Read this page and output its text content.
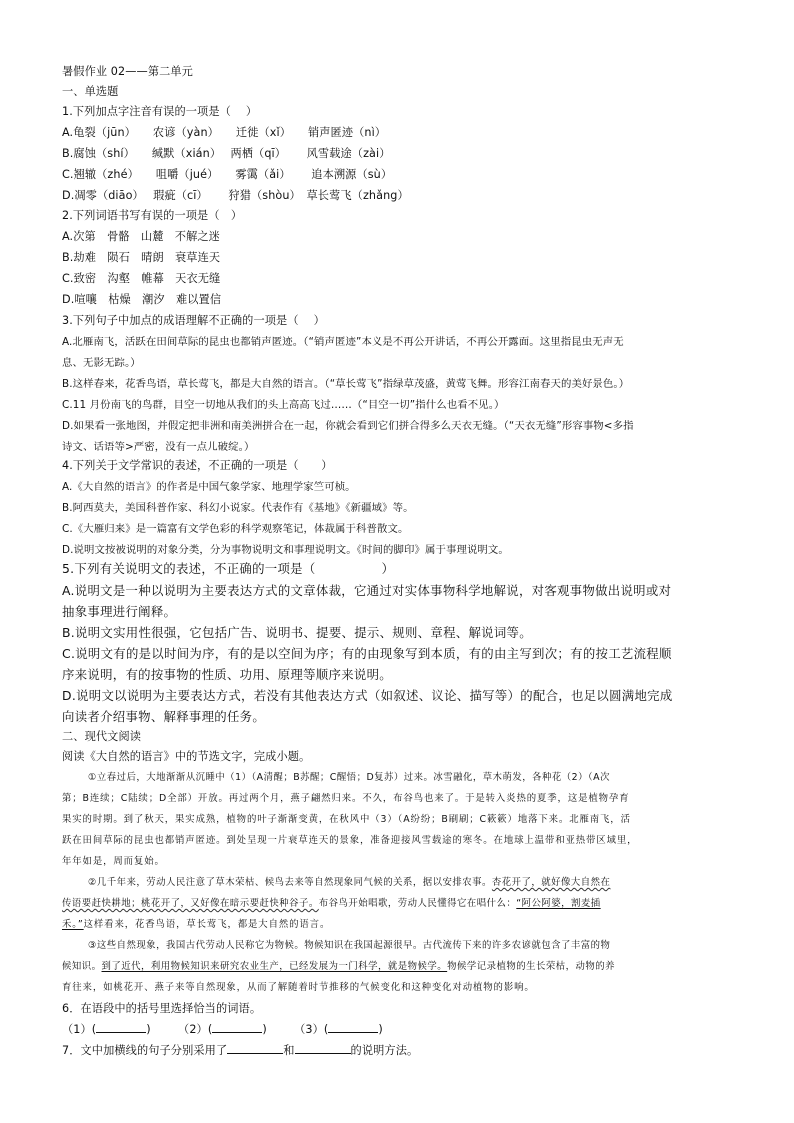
暑假作业 02——第二单元
一、单选题
1.下列加点字注音有误的一项是（　 ）
A.龟裂（jūn）　　农谚（yàn）　　迁徙（xǐ）　　销声匿迹（nì）
B.腐蚀（shí）　　缄默（xián）　 两栖（qī）　　 风雪载途（zài）
C.翘辙（zhé）　　咀嚼（jué）　　雾霭（ǎi）　　 追本溯源（sù）
D.凋零（diāo）　 瑕疵（cī）　　 狩猎（shòu）　草长莺飞（zhǎng）
2.下列词语书写有误的一项是（　）
A.次第　骨骼　山麓　不解之迷
B.劫难　陨石　晴朗　衰草连天
C.致密　沟壑　帷幕　天衣无缝
D.喧嚷　枯燥　潮汐　难以置信
3.下列句子中加点的成语理解不正确的一项是（　 ）
A.北雁南飞，活跃在田间草际的昆虫也都销声匿迹。（“销声匿迹”本义是不再公开讲话，不再公开露面。这里指昆虫无声无
息、无影无踪。）
B.这样春来，花香鸟语，草长莺飞，都是大自然的语言。（“草长莺飞”指绿草茂盛，黄莺飞舞。形容江南春天的美好景色。）
C.11 月份南飞的鸟群，目空一切地从我们的头上高高飞过……（“目空一切”指什么也看不见。）
D.如果看一张地图，并假定把非洲和南美洲拼合在一起，你就会看到它们拼合得多么天衣无缝。（“天衣无缝”形容事物<多指
诗文、话语等>严密，没有一点儿破绽。）
4.下列关于文学常识的表述，不正确的一项是（　　）
A.《大自然的语言》的作者是中国气象学家、地理学家竺可桢。
B.阿西莫夫，美国科普作家、科幻小说家。代表作有《基地》《新疆域》等。
C.《大雁归来》是一篇富有文学色彩的科学观察笔记，体裁属于科普散文。
D.说明文按被说明的对象分类，分为事物说明文和事理说明文。《时间的脚印》属于事理说明文。
5.下列有关说明文的表述，不正确的一项是（	）
A.说明文是一种以说明为主要表达方式的文章体裁，它通过对实体事物科学地解说，对客观事物做出说明或对
抽象事理进行阐释。
B.说明文实用性很强，它包括广告、说明书、提要、提示、规则、章程、解说词等。
C.说明文有的是以时间为序，有的是以空间为序；有的由现象写到本质，有的由主写到次；有的按工艺流程顺
序来说明，有的按事物的性质、功用、原理等顺序来说明。
D.说明文以说明为主要表达方式，若没有其他表达方式（如叙述、议论、描写等）的配合，也足以圆满地完成
向读者介绍事物、解释事理的任务。
二、现代文阅读
阅读《大自然的语言》中的节选文字，完成小题。
①立春过后，大地渐渐从沉睡中（1）（A清醒；B苏醒；C醒悟；D复苏）过来。冰雪融化，草木萌发，各种花（2）（A次
第；B连续；C陆续；D全部）开放。再过两个月，燕子翩然归来。不久，布谷鸟也来了。于是转入炎热的夏季，这是植物孕育
果实的时期。到了秋天，果实成熟，植物的叶子渐渐变黄，在秋风中（3）（A纷纷；B刷刷；C簌簌）地落下来。北雁南飞，活
跃在田间草际的昆虫也都销声匿迹。到处呈现一片衰草连天的景象，准备迎接风雪载途的寒冬。在地球上温带和亚热带区域里，
年年如是，周而复始。
②几千年来，劳动人民注意了草木荣枯、候鸟去来等自然现象同气候的关系，据以安排农事。杏花开了，就好像大自然在
传语要赶快耕地；桃花开了，又好像在暗示要赶快种谷子。布谷鸟开始唱歌，劳动人民懂得它在唱什么：“阿公阿婆，割麦插
禾。”这样看来，花香鸟语，草长莺飞，都是大自然的语言。
③这些自然现象，我国古代劳动人民称它为物候。物候知识在我国起源很早。古代流传下来的许多农谚就包含了丰富的物
候知识。到了近代，利用物候知识来研究农业生产，已经发展为一门科学，就是物候学。物候学记录植物的生长荣枯，动物的养
育往来，如桃花开、燕子来等自然现象，从而了解随着时节推移的气候变化和这种变化对动植物的影响。
6．在语段中的括号里选择恰当的词语。
（1）(	) （2）(	) （3）(	)
7．文中加横线的句子分别采用了	和	的说明方法。
